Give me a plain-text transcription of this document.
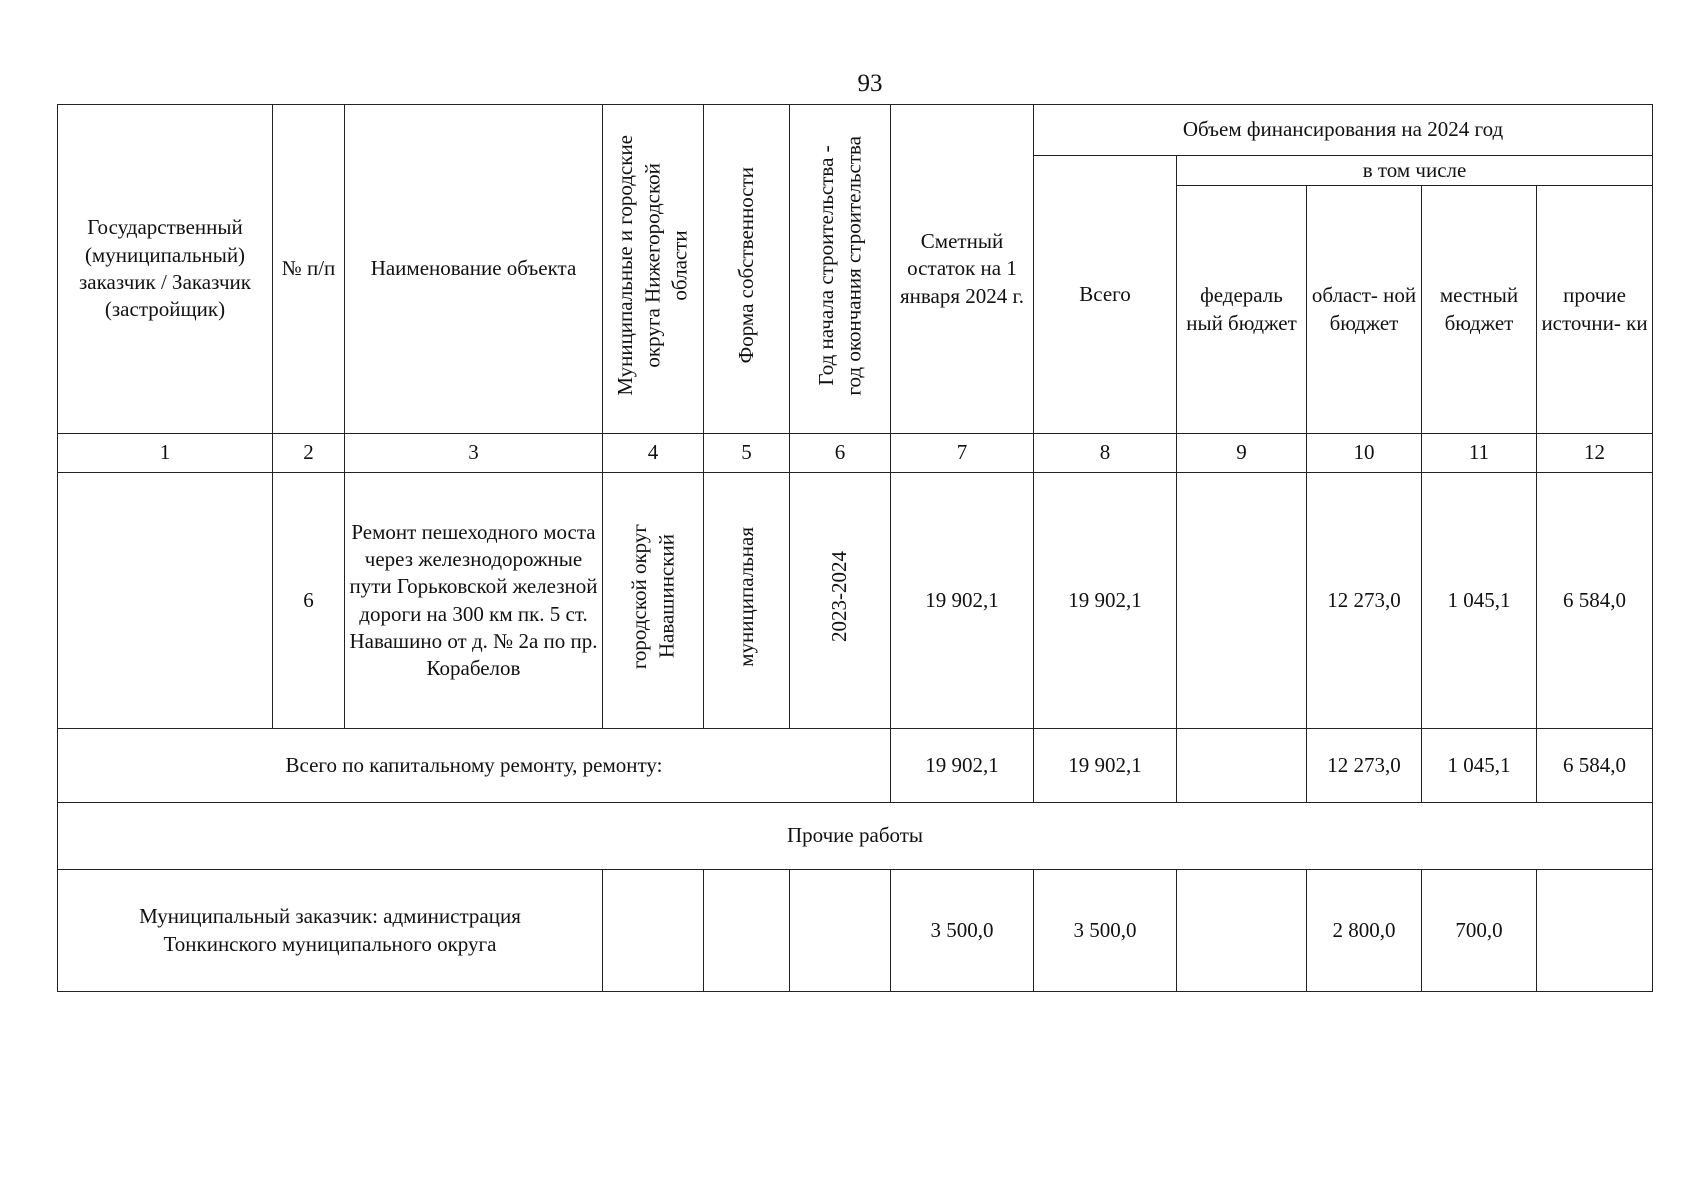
93
Государственный (муниципальный) заказчик / Заказчик (застройщик)	№ п/п	Наименование объекта	Муниципальные и городские округа Нижегородской области	Форма собственности	Год начала строительства - год окончания строительства	Сметный остаток на 1 января 2024 г.	Объем финансирования на 2024 год				
							Всего	в том числе			
								федераль ный бюджет	област- ной бюджет	местный бюджет	прочие источни- ки
1	2	3	4	5	6	7	8	9	10	11	12
	6	Ремонт пешеходного моста через железнодорожные пути Горьковской железной дороги на 300 км пк. 5 ст. Навашино от д. № 2а по пр. Корабелов	городской округ Навашинский	муниципальная	2023-2024	19 902,1	19 902,1		12 273,0	1 045,1	6 584,0
Всего по капитальному ремонту, ремонту:						19 902,1	19 902,1		12 273,0	1 045,1	6 584,0
Прочие работы											
Муниципальный заказчик: администрация Тонкинского муниципального округа						3 500,0	3 500,0		2 800,0	700,0	
